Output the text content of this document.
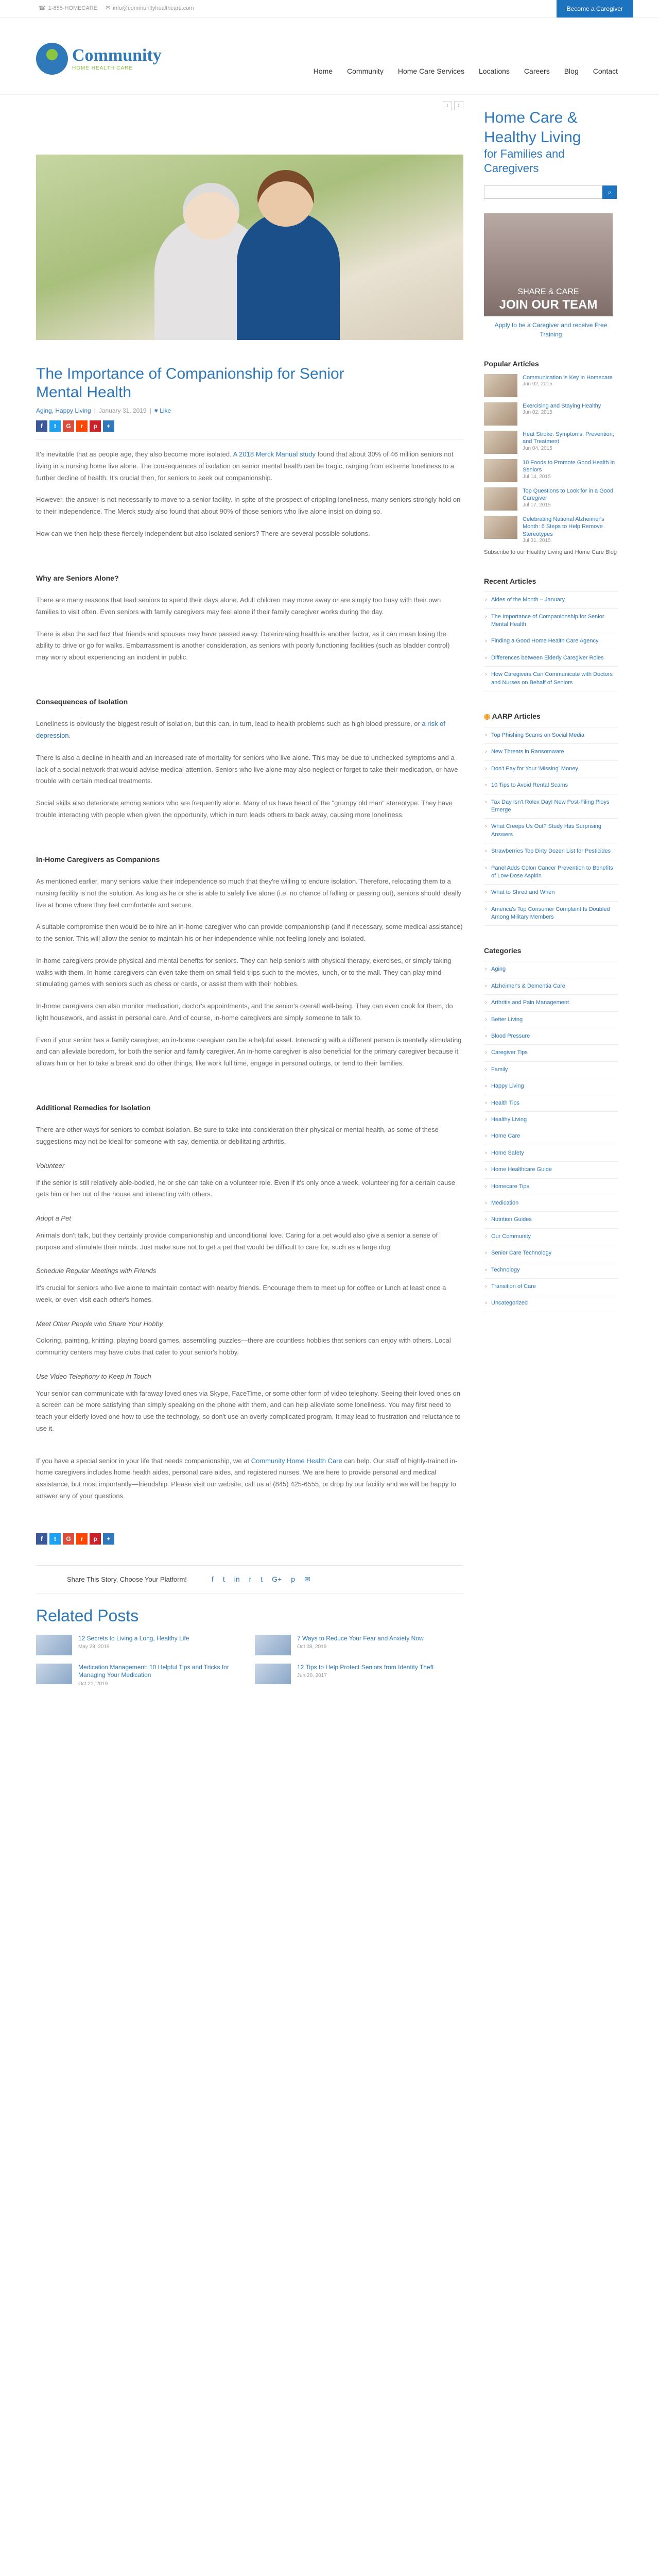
☎ 1-855-HOMECARE ✉ info@communityhealthcare.com	Become a Caregiver
Community
HOME HEALTH CARE	Home Community Home Care Services Locations Careers Blog Contact
‹	›
The Importance of Companionship for Senior Mental Health
Aging, Happy Living | January 31, 2019 | ♥ Like
f	t	G	r	p	+

It's inevitable that as people age, they also become more isolated. A 2018 Merck Manual study found that about 30% of 46 million seniors not living in a nursing home live alone. The consequences of isolation on senior mental health can be tragic, ranging from extreme loneliness to a further decline of health. It's crucial then, for seniors to seek out companionship.

However, the answer is not necessarily to move to a senior facility. In spite of the prospect of crippling loneliness, many seniors strongly hold on to their independence. The Merck study also found that about 90% of those seniors who live alone insist on doing so.

How can we then help these fiercely independent but also isolated seniors? There are several possible solutions.

Why are Seniors Alone?

There are many reasons that lead seniors to spend their days alone. Adult children may move away or are simply too busy with their own families to visit often. Even seniors with family caregivers may feel alone if their family caregiver works during the day.

There is also the sad fact that friends and spouses may have passed away. Deteriorating health is another factor, as it can mean losing the ability to drive or go for walks. Embarrassment is another consideration, as seniors with poorly functioning facilities (such as bladder control) may worry about experiencing an incident in public.

Consequences of Isolation

Loneliness is obviously the biggest result of isolation, but this can, in turn, lead to health problems such as high blood pressure, or a risk of depression.

There is also a decline in health and an increased rate of mortality for seniors who live alone. This may be due to unchecked symptoms and a lack of a social network that would advise medical attention. Seniors who live alone may also neglect or forget to take their medication, or have trouble with certain medical treatments.

Social skills also deteriorate among seniors who are frequently alone. Many of us have heard of the "grumpy old man" stereotype. They have trouble interacting with people when given the opportunity, which in turn leads others to back away, causing more loneliness.

In-Home Caregivers as Companions

As mentioned earlier, many seniors value their independence so much that they're willing to endure isolation. Therefore, relocating them to a nursing facility is not the solution. As long as he or she is able to safely live alone (i.e. no chance of falling or passing out), seniors should ideally live at home where they feel comfortable and secure.

A suitable compromise then would be to hire an in-home caregiver who can provide companionship (and if necessary, some medical assistance) to the senior. This will allow the senior to maintain his or her independence while not feeling lonely and isolated.

In-home caregivers provide physical and mental benefits for seniors. They can help seniors with physical therapy, exercises, or simply taking walks with them. In-home caregivers can even take them on small field trips such to the movies, lunch, or to the mall. They can play mind-stimulating games with seniors such as chess or cards, or assist them with their hobbies.

In-home caregivers can also monitor medication, doctor's appointments, and the senior's overall well-being. They can even cook for them, do light housework, and assist in personal care. And of course, in-home caregivers are simply someone to talk to.

Even if your senior has a family caregiver, an in-home caregiver can be a helpful asset. Interacting with a different person is mentally stimulating and can alleviate boredom, for both the senior and family caregiver. An in-home caregiver is also beneficial for the primary caregiver because it allows him or her to take a break and do other things, like work full time, engage in personal outings, or tend to their families.

Additional Remedies for Isolation

There are other ways for seniors to combat isolation. Be sure to take into consideration their physical or mental health, as some of these suggestions may not be ideal for someone with say, dementia or debilitating arthritis.

Volunteer

If the senior is still relatively able-bodied, he or she can take on a volunteer role. Even if it's only once a week, volunteering for a certain cause gets him or her out of the house and interacting with others.

Adopt a Pet

Animals don't talk, but they certainly provide companionship and unconditional love. Caring for a pet would also give a senior a sense of purpose and stimulate their minds. Just make sure not to get a pet that would be difficult to care for, such as a large dog.

Schedule Regular Meetings with Friends

It's crucial for seniors who live alone to maintain contact with nearby friends. Encourage them to meet up for coffee or lunch at least once a week, or even visit each other's homes.

Meet Other People who Share Your Hobby

Coloring, painting, knitting, playing board games, assembling puzzles—there are countless hobbies that seniors can enjoy with others. Local community centers may have clubs that cater to your senior's hobby.

Use Video Telephony to Keep in Touch

Your senior can communicate with faraway loved ones via Skype, FaceTime, or some other form of video telephony. Seeing their loved ones on a screen can be more satisfying than simply speaking on the phone with them, and can help alleviate some loneliness. You may first need to teach your elderly loved one how to use the technology, so don't use an overly complicated program. It may lead to frustration and reluctance to use it.

If you have a special senior in your life that needs companionship, we at Community Home Health Care can help. Our staff of highly-trained in-home caregivers includes home health aides, personal care aides, and registered nurses. We are here to provide personal and medical assistance, but most importantly—friendship. Please visit our website, call us at (845) 425-6555, or drop by our facility and we will be happy to answer any of your questions.

f	t	G	r	p	+
Share This Story, Choose Your Platform!	f t in r t G+ p ✉
Related Posts
12 Secrets to Living a Long, Healthy Life
May 28, 2019
7 Ways to Reduce Your Fear and Anxiety Now
Oct 08, 2018
Medication Management: 10 Helpful Tips and Tricks for Managing Your Medication
Oct 21, 2019
12 Tips to Help Protect Seniors from Identity Theft
Jun 20, 2017
Home Care & Healthy Living
for Families and Caregivers
⌕
SHARE & CARE
JOIN OUR TEAM
Apply to be a Caregiver and receive Free Training
Popular Articles
Communication is Key in Homecare
Jun 02, 2015
Exercising and Staying Healthy
Jun 02, 2015
Heat Stroke: Symptoms, Prevention, and Treatment
Jun 04, 2015
10 Foods to Promote Good Health in Seniors
Jul 14, 2015
Top Questions to Look for in a Good Caregiver
Jul 17, 2015
Celebrating National Alzheimer's Month: 6 Steps to Help Remove Stereotypes
Jul 31, 2015
Subscribe to our Healthy Living and Home Care Blog
Recent Articles
› Aides of the Month – January
› The Importance of Companionship for Senior Mental Health
› Finding a Good Home Health Care Agency
› Differences between Elderly Caregiver Roles
› How Caregivers Can Communicate with Doctors and Nurses on Behalf of Seniors
◉ AARP Articles
› Top Phishing Scams on Social Media
› New Threats in Ransomware
› Don't Pay for Your 'Missing' Money
› 10 Tips to Avoid Rental Scams
› Tax Day Isn't Rolex Day! New Post-Filing Ploys Emerge
› What Creeps Us Out? Study Has Surprising Answers
› Strawberries Top Dirty Dozen List for Pesticides
› Panel Adds Colon Cancer Prevention to Benefits of Low-Dose Aspirin
› What to Shred and When
› America's Top Consumer Complaint Is Doubled Among Military Members
Categories
› Aging
› Alzheimer's & Dementia Care
› Arthritis and Pain Management
› Better Living
› Blood Pressure
› Caregiver Tips
› Family
› Happy Living
› Health Tips
› Healthy Living
› Home Care
› Home Safety
› Home Healthcare Guide
› Homecare Tips
› Medication
› Nutrition Guides
› Our Community
› Senior Care Technology
› Technology
› Transition of Care
› Uncategorized
